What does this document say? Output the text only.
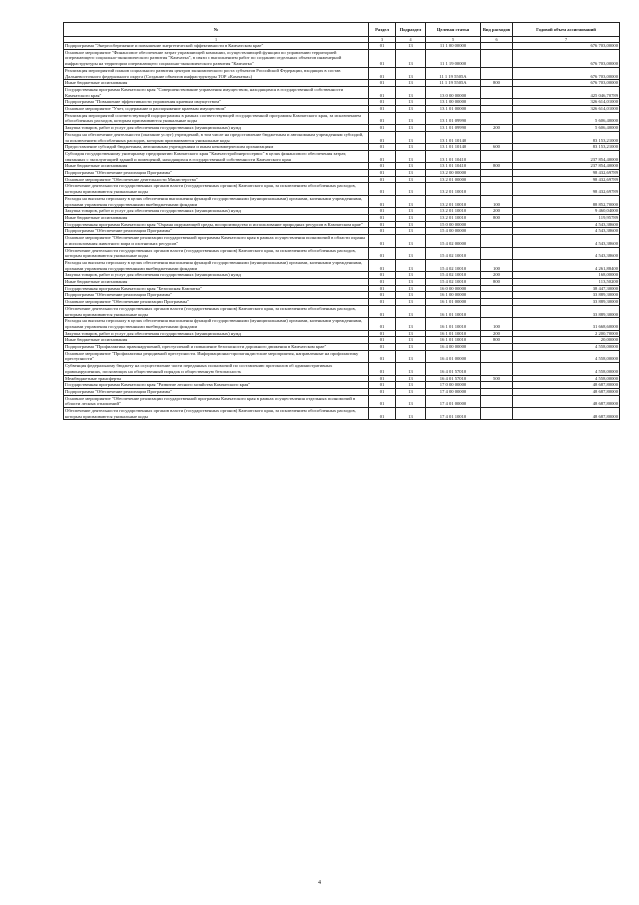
№	Раздел	Подраздел	Целевая статья	Вид расходов	Годовой объем ассигнований
1	3	4	5	6	7
Подпрограмма "Энергосбережение и повышение энергетической эффективности в Камчатском крае"	01	13	11 1 00 00000		676 703,00000
Основное мероприятие "Финансовое обеспечение затрат управляющей компании, осуществляющей функции по управлению территорией опережающего социально-экономического развития "Камчатка", в связи с выполнением работ по созданию отдельных объектов инженерной инфраструктуры на территории опережающего социально-экономического развития "Камчатка"	01	13	11 1 19 00000		676 703,00000
Реализация мероприятий планов социального развития центров экономического роста субъектов Российской Федерации, входящих в состав Дальневосточного федерального округа (Создание объектов инфраструктуры ТОР «Камчатка»)	01	13	11 1 19 5505A		676 703,00000
Иные бюджетные ассигнования	01	13	11 1 19 5505A	800	676 703,00000
Государственная программа Камчатского края "Совершенствование управления имуществом, находящимся в государственной собственности Камчатского края"	01	13	13 0 00 00000		425 046,70789
Подпрограмма "Повышение эффективности управления краевым имуществом"	01	13	13 1 00 00000		326 614,01000
Основное мероприятие "Учет, содержание и распоряжение краевым имуществом"	01	13	13 1 01 00000		326 614,01000
Реализация мероприятий соответствующей подпрограммы в рамках соответствующей государственной программы Камчатского края, за исключением обособленных расходов, которым присваиваются уникальные коды	01	13	13 1 01 09990		5 606,40000
Закупка товаров, работ и услуг для обеспечения государственных (муниципальных) нужд	01	13	13 1 01 09990	200	5 606,40000
Расходы на обеспечение деятельности (оказание услуг) учреждений, в том числе на предоставление бюджетным и автономным учреждениям субсидий, за исключением обособленных расходов, которым присваиваются уникальные коды	01	13	13 1 01 10140		83 153,21000
Предоставление субсидий бюджетным, автономным учреждениям и иным некоммерческим организациям	01	13	13 1 01 10140	600	83 153,21000
Субсидия государственному унитарному предприятию Камчатского края "Камчатстройэнергосервис" в целях финансового обеспечения затрат, связанных с эксплуатацией зданий и помещений, находящихся в государственной собственности Камчатского края	01	13	13 1 01 10410		237 854,40000
Иные бюджетные ассигнования	01	13	13 1 01 10410	800	237 854,40000
Подпрограмма "Обеспечение реализации Программы"	01	13	13 2 00 00000		98 432,69789
Основное мероприятие "Обеспечение деятельности Министерства"	01	13	13 2 01 00000		98 432,69789
Обеспечение деятельности государственных органов власти (государственных органов) Камчатского края, за исключением обособленных расходов, которым присваиваются уникальные коды	01	13	13 2 01 10010		98 432,69789
Расходы на выплаты персоналу в целях обеспечения выполнения функций государственными (муниципальными) органами, казенными учреждениями, органами управления государственными внебюджетными фондами	01	13	13 2 01 10010	100	88 852,70000
Закупка товаров, работ и услуг для обеспечения государственных (муниципальных) нужд	01	13	13 2 01 10010	200	9 460,04000
Иные бюджетные ассигнования	01	13	13 2 01 10010	800	119,95789
Государственная программа Камчатского края "Охрана окружающей среды, воспроизводство и использование природных ресурсов в Камчатском крае"	01	13	15 0 00 00000		4 543,38600
Подпрограмма "Обеспечение реализации Программы"	01	13	15 4 00 00000		4 543,38600
Основное мероприятие "Обеспечение реализации государственной программы Камчатского края в рамках осуществления полномочий в области охраны и использования животного мира и охотничьих ресурсов"	01	13	15 4 02 00000		4 543,38600
Обеспечение деятельности государственных органов власти (государственных органов) Камчатского края, за исключением обособленных расходов, которым присваиваются уникальные коды	01	13	15 4 02 10010		4 543,38600
Расходы на выплаты персоналу в целях обеспечения выполнения функций государственными (муниципальными) органами, казенными учреждениями, органами управления государственными внебюджетными фондами	01	13	15 4 02 10010	100	4 261,88400
Закупка товаров, работ и услуг для обеспечения государственных (муниципальных) нужд	01	13	15 4 02 10010	200	168,00000
Иные бюджетные ассигнования	01	13	15 4 02 10010	800	113,50200
Государственная программа Камчатского края "Безопасная Камчатка"	01	13	16 0 00 00000		38 447,30000
Подпрограмма "Обеспечение реализации Программы"	01	13	16 1 00 00000		33 889,30000
Основное мероприятие "Обеспечение реализации Программы"	01	13	16 1 01 00000		33 889,30000
Обеспечение деятельности государственных органов власти (государственных органов) Камчатского края, за исключением обособленных расходов, которым присваиваются уникальные коды	01	13	16 1 01 10010		33 889,30000
Расходы на выплаты персоналу в целях обеспечения выполнения функций государственными (муниципальными) органами, казенными учреждениями, органами управления государственными внебюджетными фондами	01	13	16 1 01 10010	100	31 668,60000
Закупка товаров, работ и услуг для обеспечения государственных (муниципальных) нужд	01	13	16 1 01 10010	200	2 200,70000
Иные бюджетные ассигнования	01	13	16 1 01 10010	800	20,00000
Подпрограмма "Профилактика правонарушений, преступлений и повышение безопасности дорожного движения в Камчатском крае"	01	13	16 4 00 00000		4 558,00000
Основное мероприятие "Профилактика рецидивной преступности. Информационно-пропагандистские мероприятия, направленные на профилактику преступности"	01	13	16 4 01 00000		4 558,00000
Субвенция федеральному бюджету на осуществление части переданных полномочий по составлению протоколов об административных правонарушениях, посягающих на общественный порядок и общественную безопасность	01	13	16 4 01 57010		4 558,00000
Межбюджетные трансферты	01	13	16 4 01 57010	500	4 558,00000
Государственная программа Камчатского края "Развитие лесного хозяйства Камчатского края"	01	13	17 0 00 00000		48 687,80000
Подпрограмма "Обеспечение реализации Программы"	01	13	17 4 00 00000		48 687,80000
Основное мероприятие "Обеспечение реализации государственной программы Камчатского края в рамках осуществления отдельных полномочий в области лесных отношений"	01	13	17 4 01 00000		48 687,80000
Обеспечение деятельности государственных органов власти (государственных органов) Камчатского края, за исключением обособленных расходов, которым присваиваются уникальные коды	01	13	17 4 01 10010		48 687,80000
4
